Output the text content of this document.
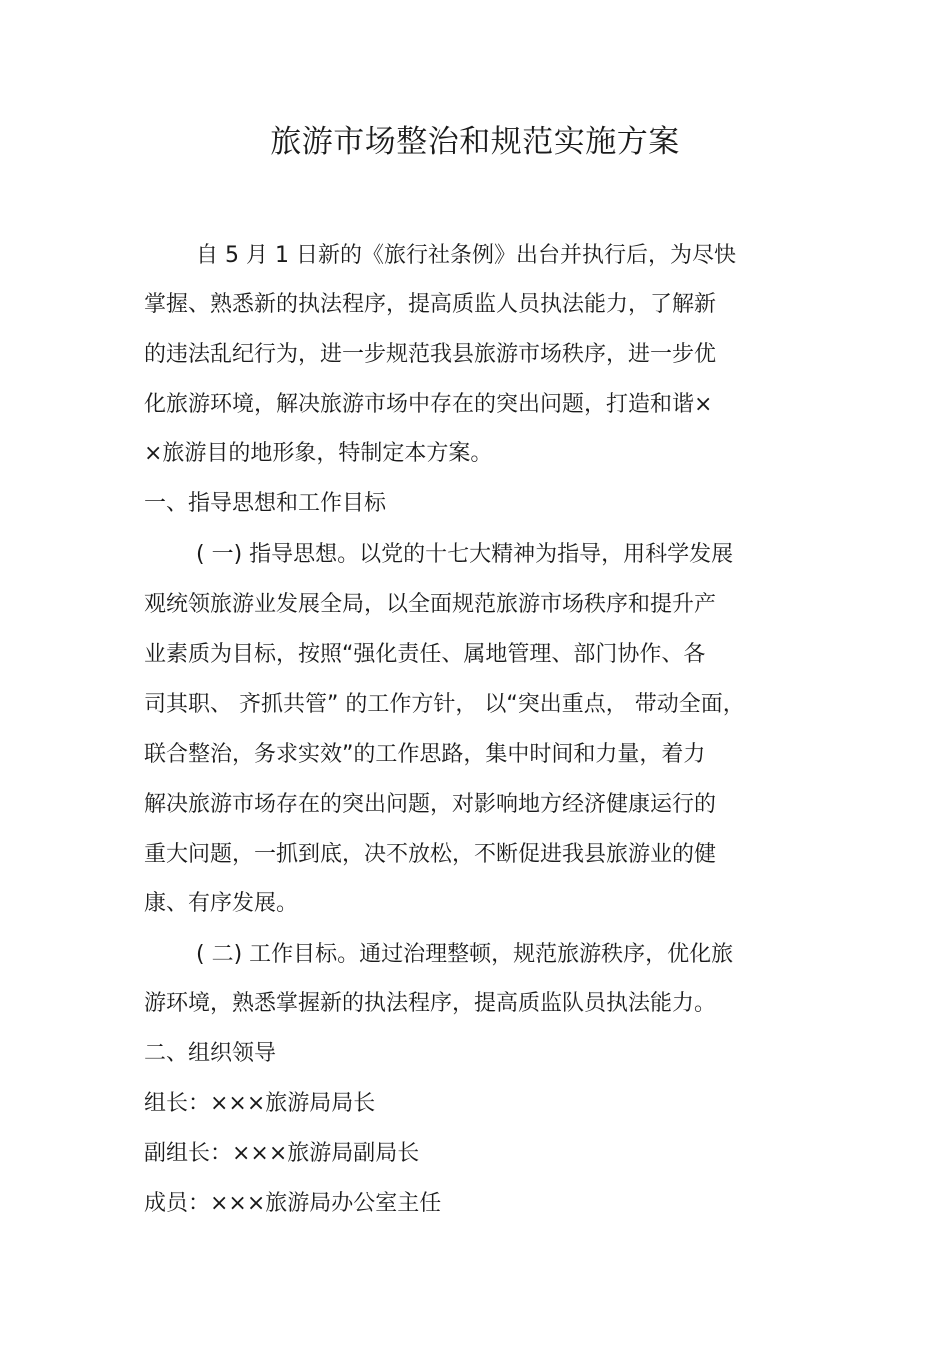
旅游市场整治和规范实施方案
自 5 月 1 日新的《旅行社条例》出台并执行后，为尽快
掌握、熟悉新的执法程序，提高质监人员执法能力，了解新
的违法乱纪行为，进一步规范我县旅游市场秩序，进一步优
化旅游环境，解决旅游市场中存在的突出问题，打造和谐×
×旅游目的地形象，特制定本方案。
一、指导思想和工作目标
( 一) 指导思想。以党的十七大精神为指导，用科学发展
观统领旅游业发展全局，以全面规范旅游市场秩序和提升产
业素质为目标，按照“强化责任、属地管理、部门协作、各
司其职、 齐抓共管” 的工作方针， 以“突出重点， 带动全面，
联合整治，务求实效”的工作思路，集中时间和力量，着力
解决旅游市场存在的突出问题，对影响地方经济健康运行的
重大问题，一抓到底，决不放松，不断促进我县旅游业的健
康、有序发展。
( 二) 工作目标。通过治理整顿，规范旅游秩序，优化旅
游环境，熟悉掌握新的执法程序，提高质监队员执法能力。
二、组织领导
组长：×××旅游局局长
副组长：×××旅游局副局长
成员：×××旅游局办公室主任
